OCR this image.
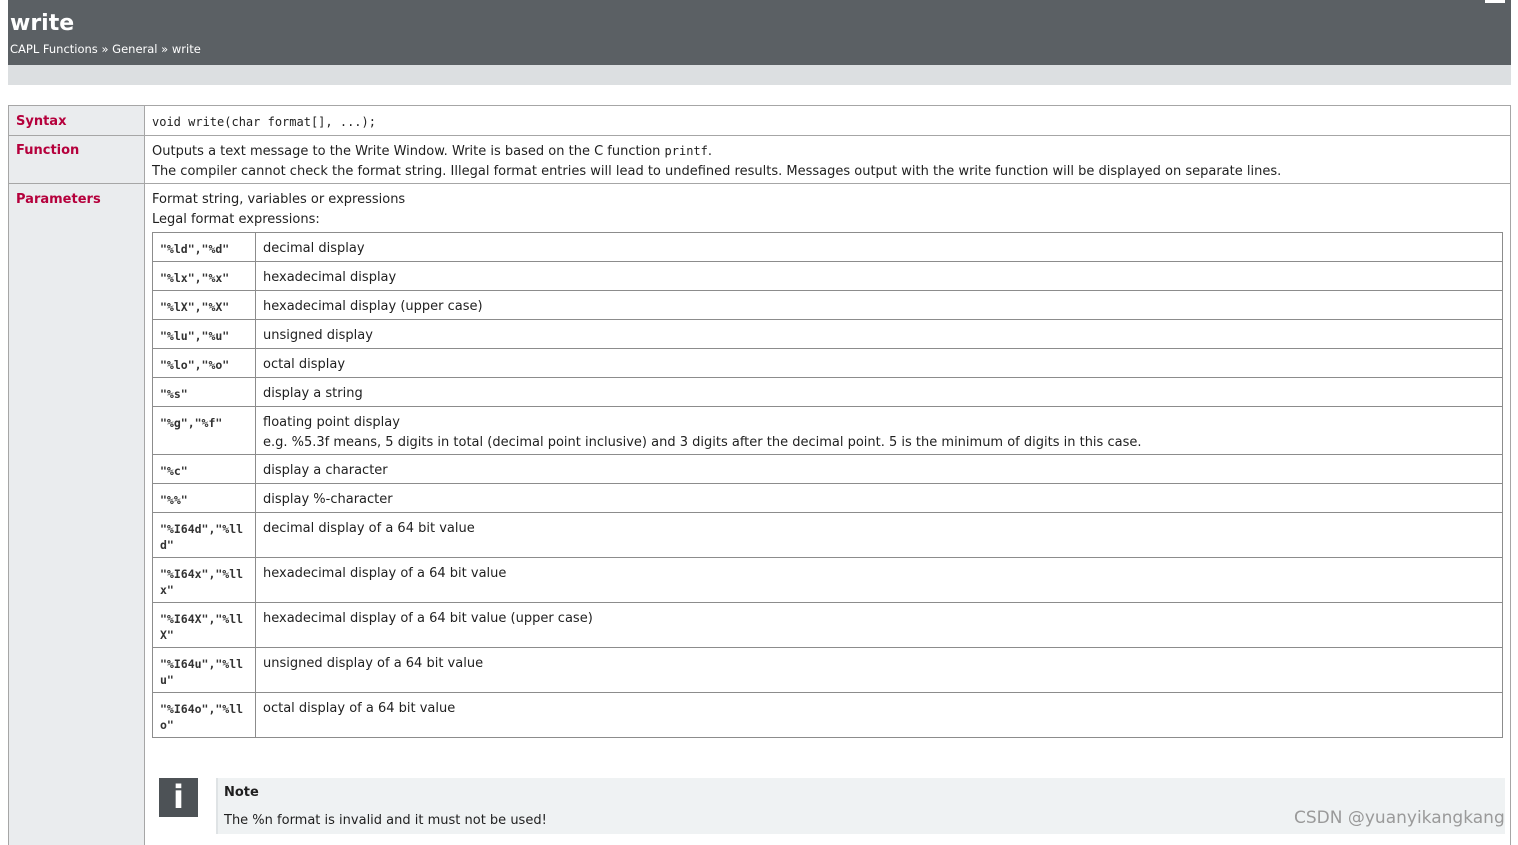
write
CAPL Functions » General » write
Syntax	void write(char format[], ...);
Function	Outputs a text message to the Write Window. Write is based on the C function printf.
The compiler cannot check the format string. Illegal format entries will lead to undefined results. Messages output with the write function will be displayed on separate lines.
Parameters	Format string, variables or expressions
Legal format expressions:
"%ld","%d"	decimal display
"%lx","%x"	hexadecimal display
"%lX","%X"	hexadecimal display (upper case)
"%lu","%u"	unsigned display
"%lo","%o"	octal display
"%s"	display a string
"%g","%f"	floating point display
e.g. %5.3f means, 5 digits in total (decimal point inclusive) and 3 digits after the decimal point. 5 is the minimum of digits in this case.
"%c"	display a character
"%%"	display %-character
"%I64d","%lld"	decimal display of a 64 bit value
"%I64x","%llx"	hexadecimal display of a 64 bit value
"%I64X","%llX"	hexadecimal display of a 64 bit value (upper case)
"%I64u","%llu"	unsigned display of a 64 bit value
"%I64o","%llo"	octal display of a 64 bit value
i	Note
The %n format is invalid and it must not be used!	CSDN @yuanyikangkang
